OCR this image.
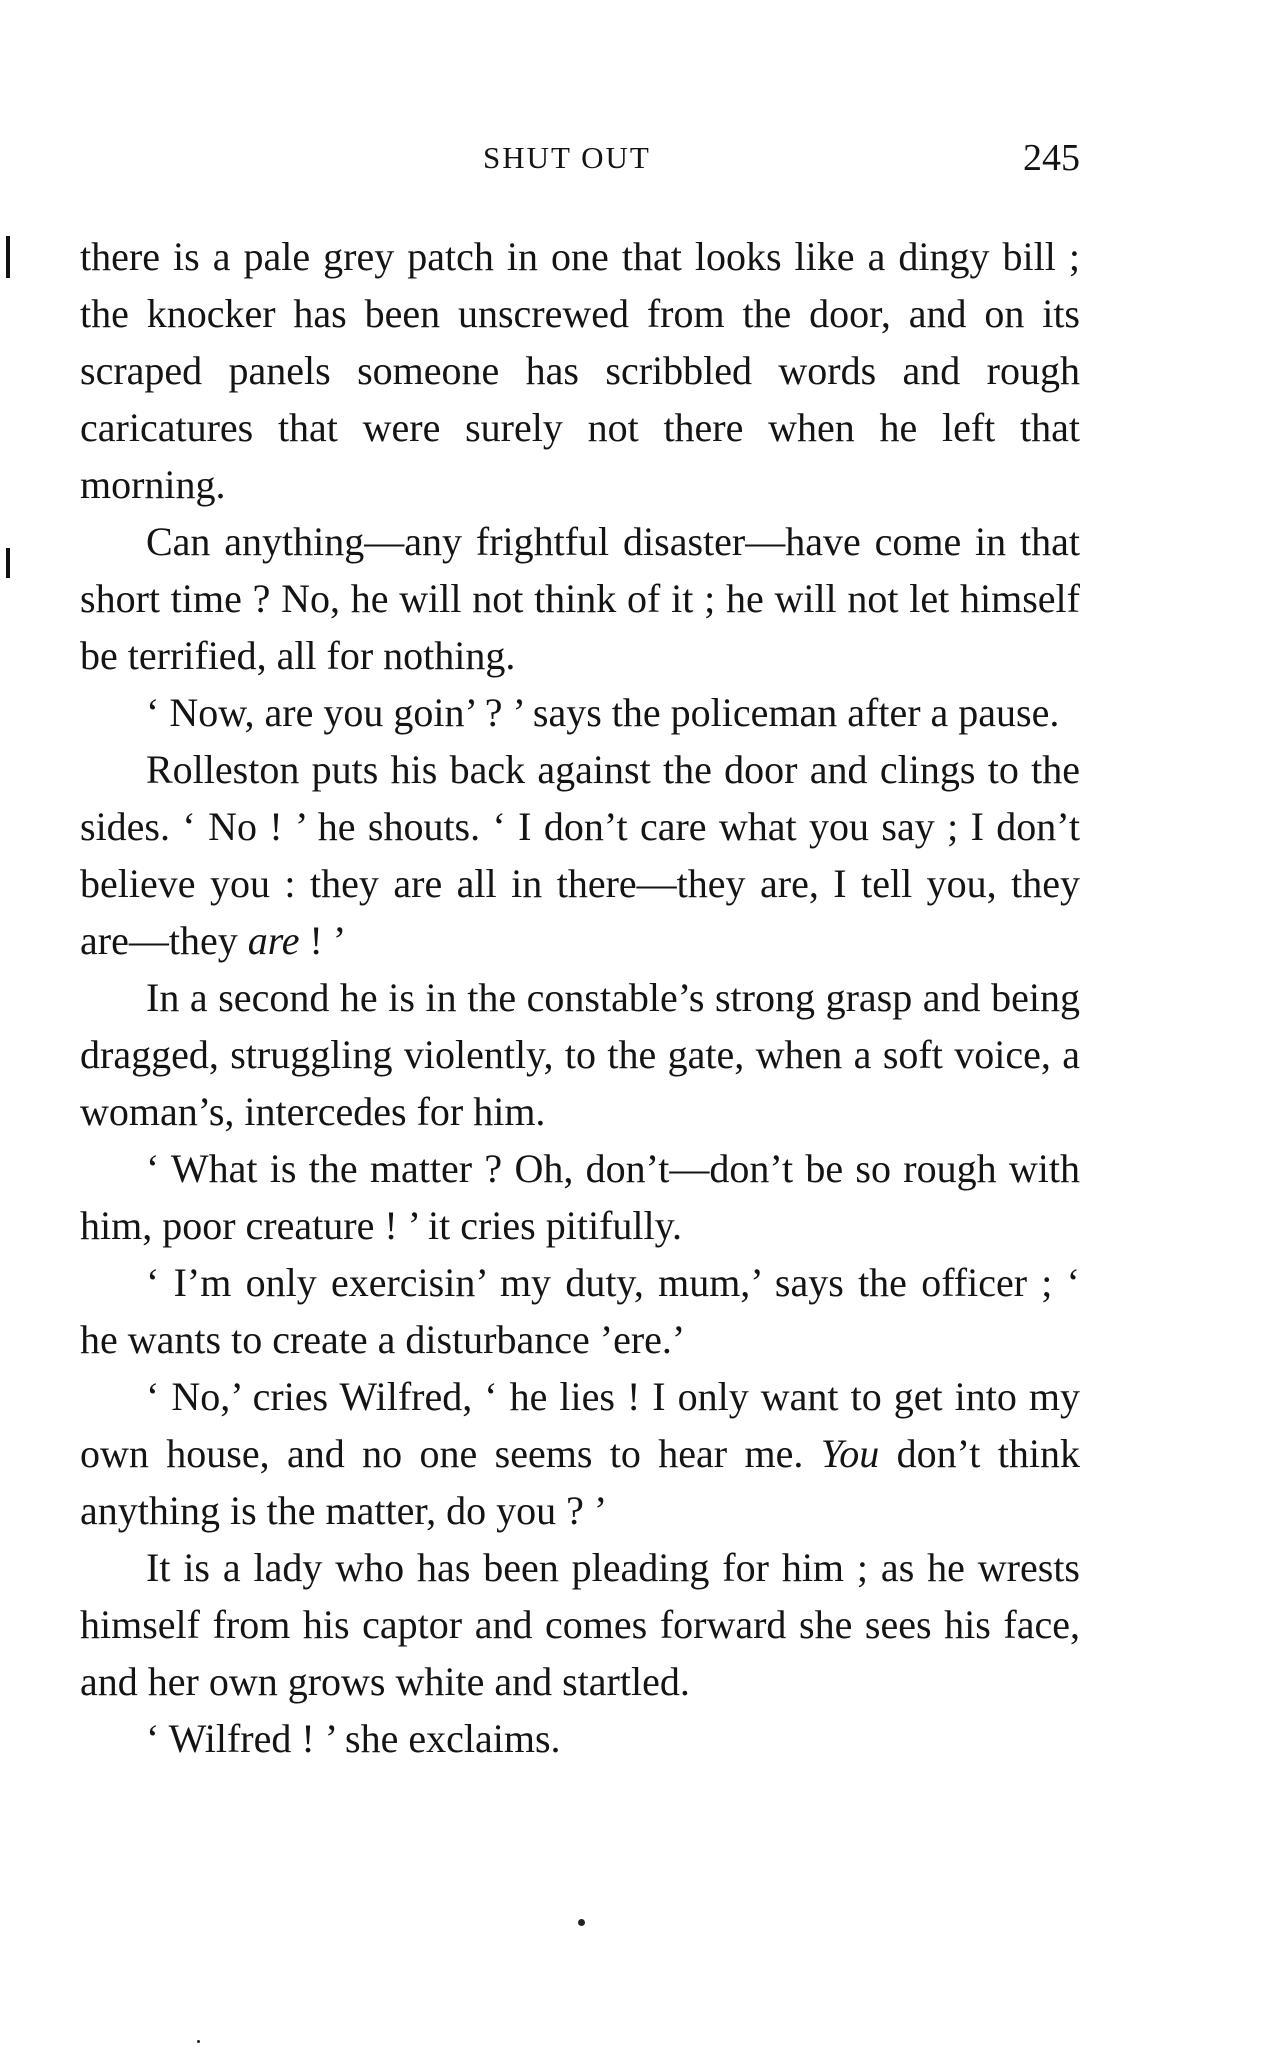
SHUT OUT	245

there is a pale grey patch in one that looks like a dingy bill ; the knocker has been unscrewed from the door, and on its scraped panels someone has scribbled words and rough caricatures that were surely not there when he left that morning.

Can anything—any frightful disaster—have come in that short time ? No, he will not think of it ; he will not let himself be terrified, all for nothing.

‘ Now, are you goin’ ? ’ says the policeman after a pause.

Rolleston puts his back against the door and clings to the sides. ‘ No ! ’ he shouts. ‘ I don’t care what you say ; I don’t believe you : they are all in there—they are, I tell you, they are—they are ! ’

In a second he is in the constable’s strong grasp and being dragged, struggling violently, to the gate, when a soft voice, a woman’s, intercedes for him.

‘ What is the matter ? Oh, don’t—don’t be so rough with him, poor creature ! ’ it cries pitifully.

‘ I’m only exercisin’ my duty, mum,’ says the officer ; ‘ he wants to create a disturbance ’ere.’

‘ No,’ cries Wilfred, ‘ he lies ! I only want to get into my own house, and no one seems to hear me. You don’t think anything is the matter, do you ? ’

It is a lady who has been pleading for him ; as he wrests himself from his captor and comes forward she sees his face, and her own grows white and startled.

‘ Wilfred ! ’ she exclaims.
